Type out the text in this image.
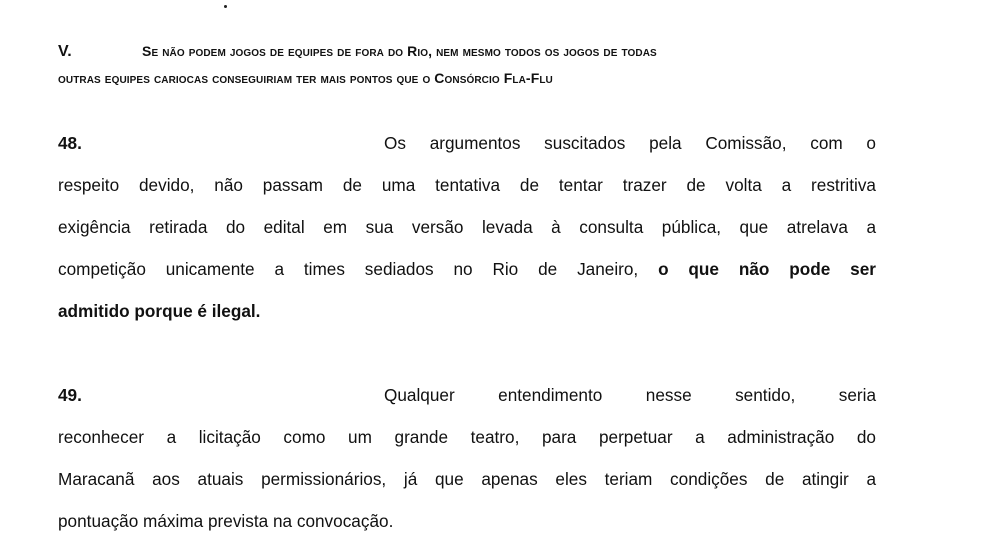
V.	Se não podem jogos de equipes de fora do Rio, nem mesmo todos os jogos de todas
outras equipes cariocas conseguiriam ter mais pontos que o Consórcio Fla-Flu
48.	Os argumentos suscitados pela Comissão, com o
respeito devido, não passam de uma tentativa de tentar trazer de volta a restritiva
exigência retirada do edital em sua versão levada à consulta pública, que atrelava a
competição unicamente a times sediados no Rio de Janeiro, o que não pode ser
admitido porque é ilegal.
49.	Qualquer entendimento nesse sentido, seria
reconhecer a licitação como um grande teatro, para perpetuar a administração do
Maracanã aos atuais permissionários, já que apenas eles teriam condições de atingir a
pontuação máxima prevista na convocação.
